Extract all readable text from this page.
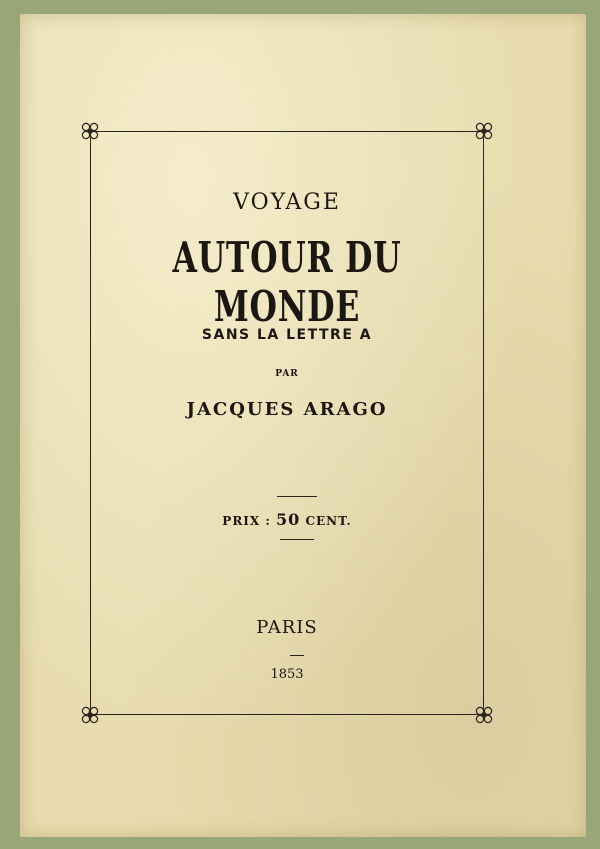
VOYAGE
AUTOUR DU MONDE
SANS LA LETTRE A
PAR
JACQUES ARAGO
PRIX : 50 CENT.
PARIS
1853
